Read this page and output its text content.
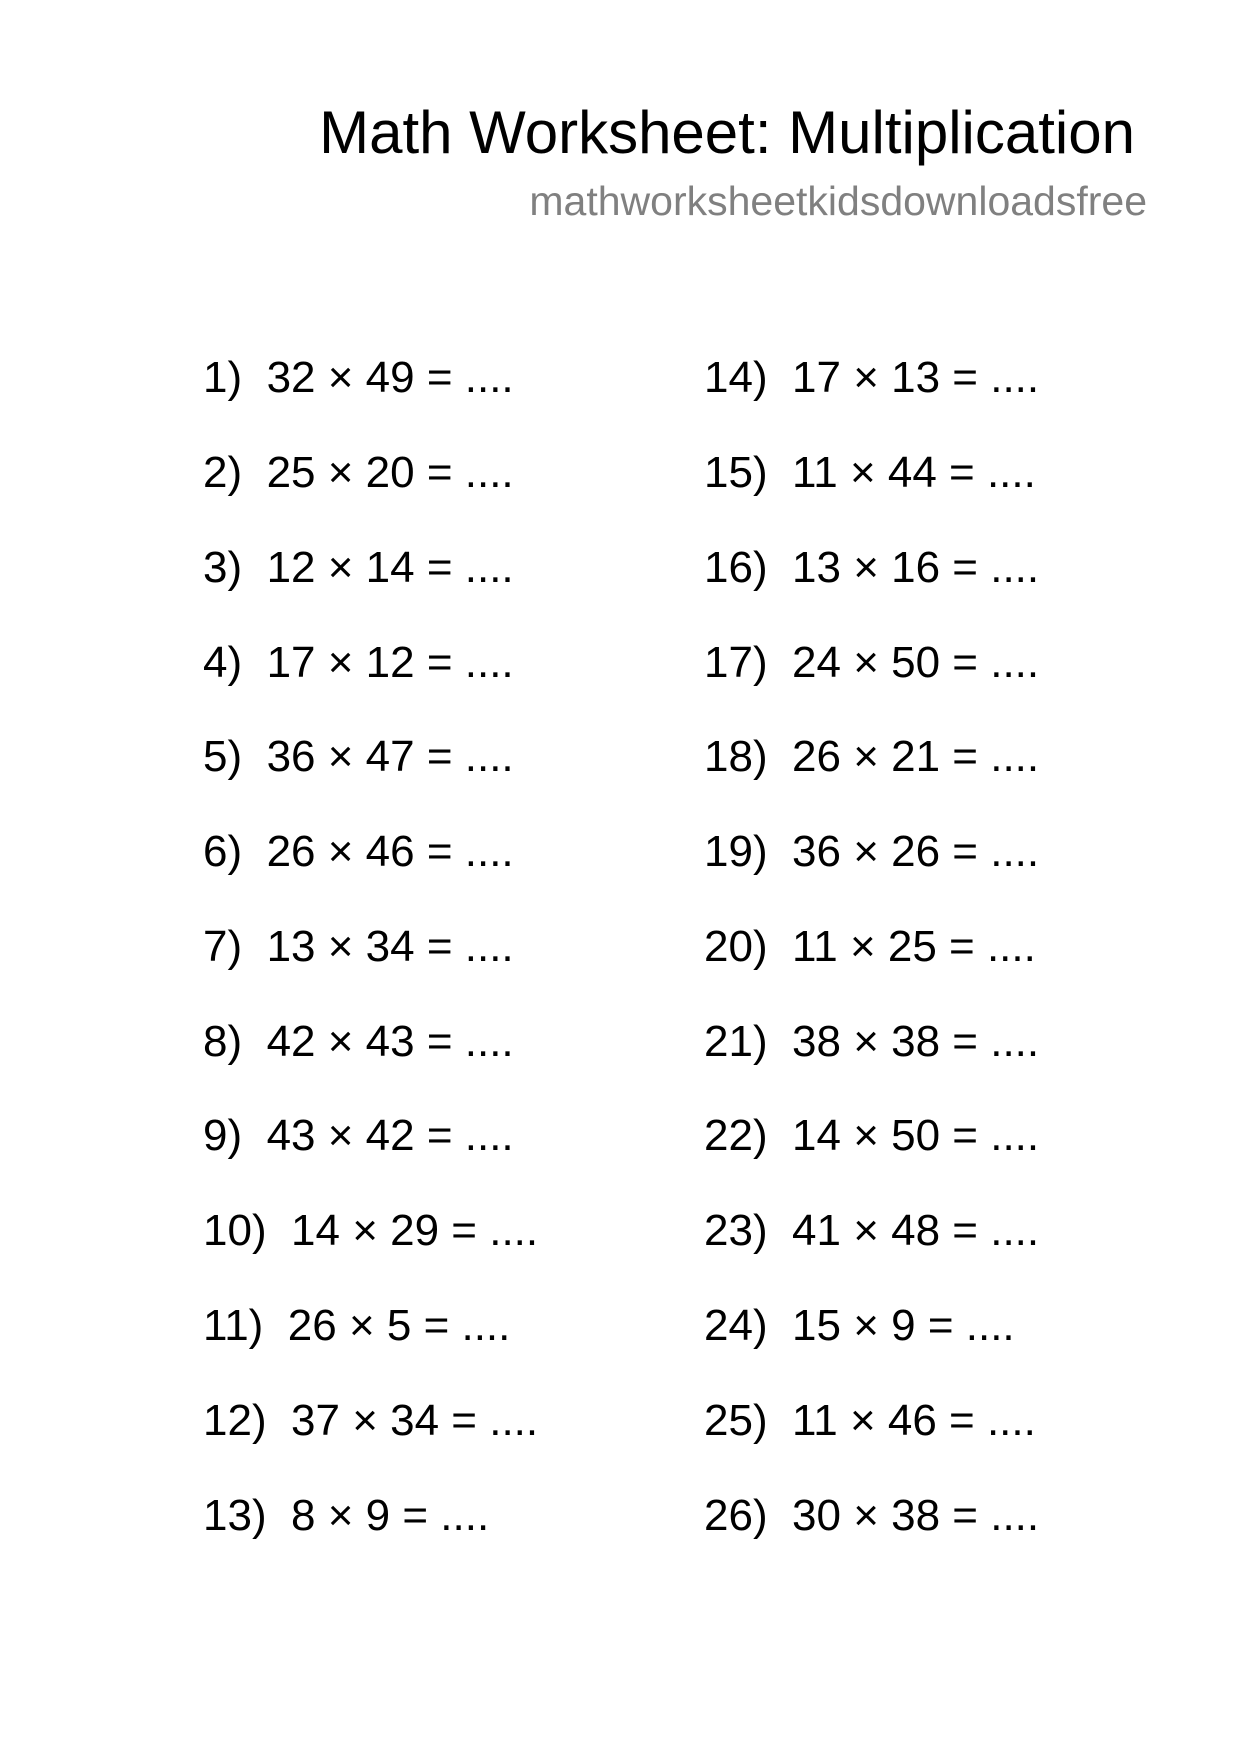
Math Worksheet: Multiplication
mathworksheetkidsdownloadsfree
1) 32 × 49 = ....
2) 25 × 20 = ....
3) 12 × 14 = ....
4) 17 × 12 = ....
5) 36 × 47 = ....
6) 26 × 46 = ....
7) 13 × 34 = ....
8) 42 × 43 = ....
9) 43 × 42 = ....
10) 14 × 29 = ....
11) 26 × 5 = ....
12) 37 × 34 = ....
13) 8 × 9 = ....
14) 17 × 13 = ....
15) 11 × 44 = ....
16) 13 × 16 = ....
17) 24 × 50 = ....
18) 26 × 21 = ....
19) 36 × 26 = ....
20) 11 × 25 = ....
21) 38 × 38 = ....
22) 14 × 50 = ....
23) 41 × 48 = ....
24) 15 × 9 = ....
25) 11 × 46 = ....
26) 30 × 38 = ....
